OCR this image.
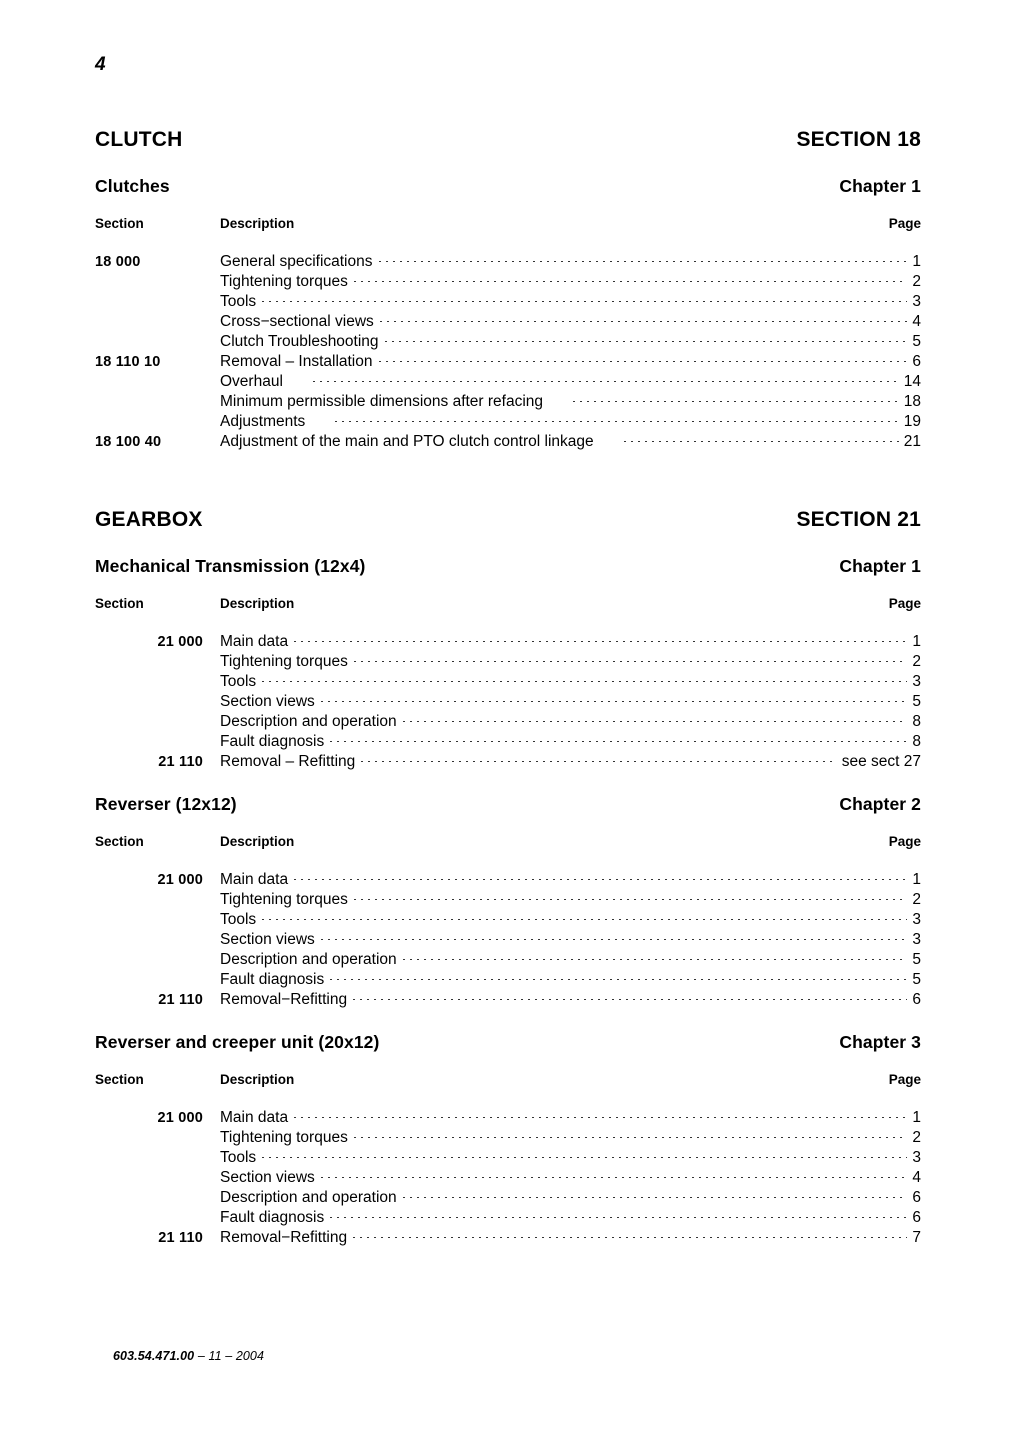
4
CLUTCH	SECTION 18
Clutches	Chapter 1
Section	Description	Page
18 000	General specifications	1
Tightening torques	2
Tools	3
Cross−sectional views	4
Clutch Troubleshooting	5
18 110 10	Removal – Installation	6
Overhaul	14
Minimum permissible dimensions after refacing	18
Adjustments	19
18 100 40	Adjustment of the main and PTO clutch control linkage	21
GEARBOX	SECTION 21
Mechanical Transmission (12x4)	Chapter 1
Section	Description	Page
21 000 Main data	1
Tightening torques	2
Tools	3
Section views	5
Description and operation	8
Fault diagnosis	8
21 110 Removal – Refitting	see sect 27
Reverser (12x12)	Chapter 2
Section	Description	Page
21 000 Main data	1
Tightening torques	2
Tools	3
Section views	3
Description and operation	5
Fault diagnosis	5
21 110 Removal−Refitting	6
Reverser and creeper unit (20x12)	Chapter 3
Section	Description	Page
21 000 Main data	1
Tightening torques	2
Tools	3
Section views	4
Description and operation	6
Fault diagnosis	6
21 110 Removal−Refitting	7
603.54.471.00 – 11 – 2004
